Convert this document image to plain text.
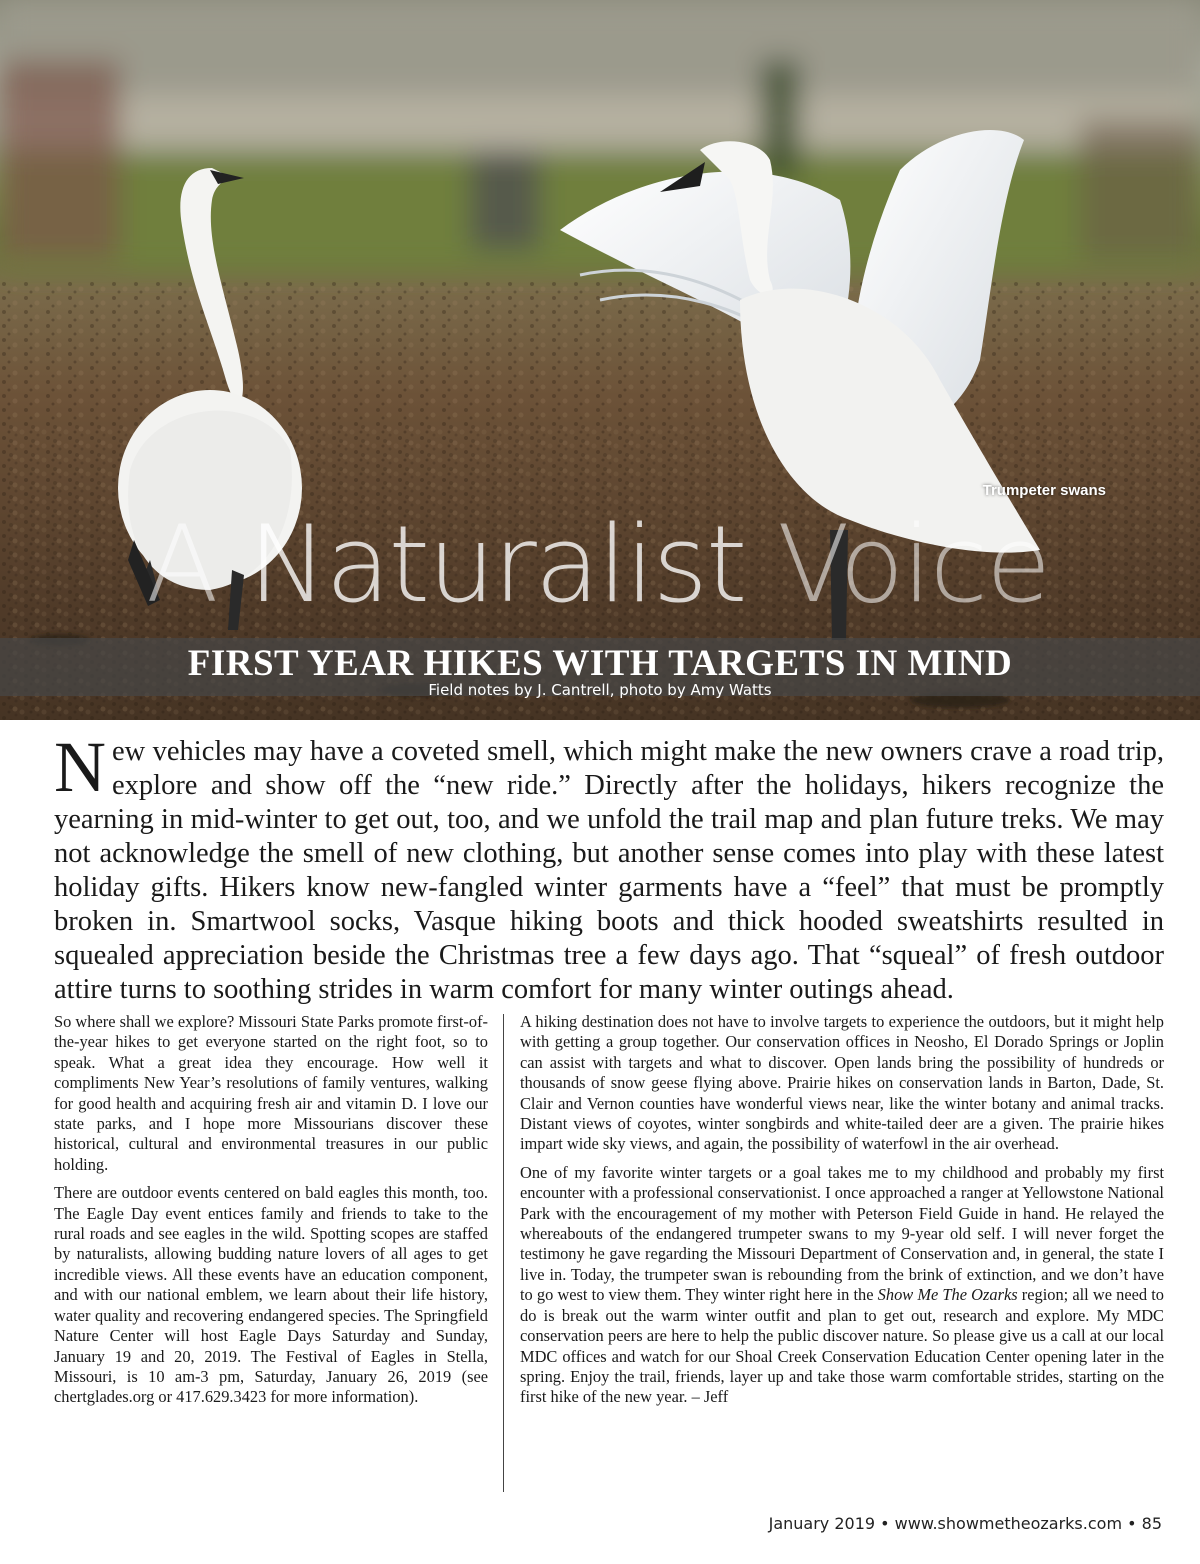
Trumpeter swans
A Naturalist Voice
FIRST YEAR HIKES WITH TARGETS IN MIND
Field notes by J. Cantrell, photo by Amy Watts

New vehicles may have a coveted smell, which might make the new owners crave a road trip, explore and show off the “new ride.” Directly after the holidays, hikers recognize the yearning in mid-winter to get out, too, and we unfold the trail map and plan future treks. We may not acknowledge the smell of new clothing, but another sense comes into play with these latest holiday gifts. Hikers know new-fangled winter garments have a “feel” that must be promptly broken in. Smartwool socks, Vasque hiking boots and thick hooded sweatshirts resulted in squealed appreciation beside the Christmas tree a few days ago. That “squeal” of fresh outdoor attire turns to soothing strides in warm comfort for many winter outings ahead.

So where shall we explore? Missouri State Parks promote first-of-the-year hikes to get everyone started on the right foot, so to speak. What a great idea they encourage. How well it compliments New Year’s resolutions of family ventures, walking for good health and acquiring fresh air and vitamin D. I love our state parks, and I hope more Missourians discover these historical, cultural and environmental treasures in our public holding.

There are outdoor events centered on bald eagles this month, too. The Eagle Day event entices family and friends to take to the rural roads and see eagles in the wild. Spotting scopes are staffed by naturalists, allowing budding nature lovers of all ages to get incredible views. All these events have an education component, and with our national emblem, we learn about their life history, water quality and recovering endangered species. The Springfield Nature Center will host Eagle Days Saturday and Sunday, January 19 and 20, 2019. The Festival of Eagles in Stella, Missouri, is 10 am-3 pm, Saturday, January 26, 2019 (see chertglades.org or 417.629.3423 for more information).

A hiking destination does not have to involve targets to experience the outdoors, but it might help with getting a group together. Our conservation offices in Neosho, El Dorado Springs or Joplin can assist with targets and what to discover. Open lands bring the possibility of hundreds or thousands of snow geese flying above. Prairie hikes on conservation lands in Barton, Dade, St. Clair and Vernon counties have wonderful views near, like the winter botany and animal tracks. Distant views of coyotes, winter songbirds and white-tailed deer are a given. The prairie hikes impart wide sky views, and again, the possibility of waterfowl in the air overhead.

One of my favorite winter targets or a goal takes me to my childhood and probably my first encounter with a professional conservationist. I once approached a ranger at Yellowstone National Park with the encouragement of my mother with Peterson Field Guide in hand. He relayed the whereabouts of the endangered trumpeter swans to my 9-year old self. I will never forget the testimony he gave regarding the Missouri Department of Conservation and, in general, the state I live in. Today, the trumpeter swan is rebounding from the brink of extinction, and we don’t have to go west to view them. They winter right here in the Show Me The Ozarks region; all we need to do is break out the warm winter outfit and plan to get out, research and explore. My MDC conservation peers are here to help the public discover nature. So please give us a call at our local MDC offices and watch for our Shoal Creek Conservation Education Center opening later in the spring. Enjoy the trail, friends, layer up and take those warm comfortable strides, starting on the first hike of the new year. – Jeff

January 2019 • www.showmetheozarks.com • 85
